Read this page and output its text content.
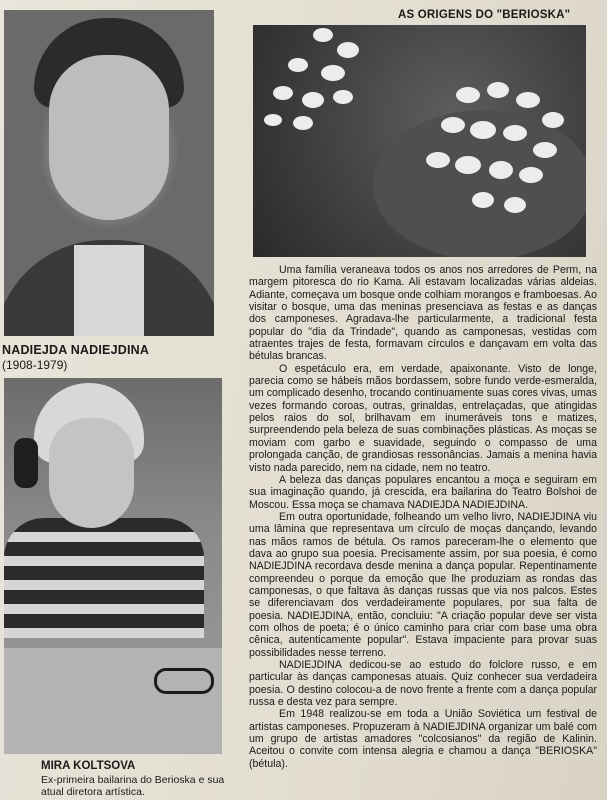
AS ORIGENS DO "BERIOSKA"
NADIEJDA NADIEJDINA
(1908-1979)
MIRA KOLTSOVA
Ex-primeira bailarina do Berioska e sua atual diretora artística.

Uma família veraneava todos os anos nos arredores de Perm, na margem pitoresca do rio Kama. Ali estavam localizadas várias aldeias. Adiante, começava um bosque onde colhiam morangos e framboesas. Ao visitar o bosque, uma das meninas presenciava as festas e as danças dos camponeses. Agradava-lhe particularmente, a tradicional festa popular do "dia da Trindade", quando as camponesas, vestidas com atraentes trajes de festa, formavam círculos e dançavam em volta das bétulas brancas.

O espetáculo era, em verdade, apaixonante. Visto de longe, parecia como se hábeis mãos bordassem, sobre fundo verde-esmeralda, um complicado desenho, trocando continuamente suas cores vivas, umas vezes formando coroas, outras, grinaldas, entrelaçadas, que atingidas pelos raios do sol, brilhavam em inumeráveis tons e matizes, surpreendendo pela beleza de suas combinações plásticas. As moças se moviam com garbo e suavidade, seguindo o compasso de uma prolongada canção, de grandiosas ressonâncias. Jamais a menina havia visto nada parecido, nem na cidade, nem no teatro.

A beleza das danças populares encantou a moça e seguiram em sua imaginação quando, já crescida, era bailarina do Teatro Bolshoi de Moscou. Essa moça se chamava NADIEJDA NADIEJDINA.

Em outra oportunidade, folheando um velho livro, NADIEJDINA viu uma lâmina que representava um círculo de moças dançando, levando nas mãos ramos de bétula. Os ramos pareceram-lhe o elemento que dava ao grupo sua poesia. Precisamente assim, por sua poesia, é como NADIEJDINA recordava desde menina a dança popular. Repentinamente compreendeu o porque da emoção que lhe produziam as rondas das camponesas, o que faltava às danças russas que via nos palcos. Estes se diferenciavam dos verdadeiramente populares, por sua falta de poesia. NADIEJDINA, então, concluiu: "A criação popular deve ser vista com olhos de poeta; é o único caminho para criar com base uma obra cênica, autenticamente popular". Estava impaciente para provar suas possibilidades nesse terreno.

NADIEJDINA dedicou-se ao estudo do folclore russo, e em particular às danças camponesas atuais. Quiz conhecer sua verdadeira poesia. O destino colocou-a de novo frente a frente com a dança popular russa e desta vez para sempre.

Em 1948 realizou-se em toda a União Soviética um festival de artistas camponeses. Propuzeram à NADIEJDINA organizar um balé com um grupo de artistas amadores "colcosianos" da região de Kalinin. Aceitou o convite com intensa alegria e chamou a dança "BERIOSKA" (bétula).
